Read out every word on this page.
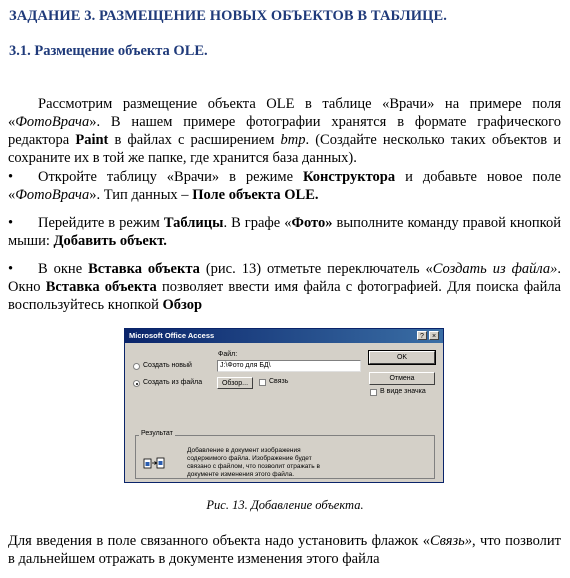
ЗАДАНИЕ 3. РАЗМЕЩЕНИЕ НОВЫХ ОБЪЕКТОВ В ТАБЛИЦЕ.
3.1. Размещение объекта OLE.
Рассмотрим размещение объекта OLE в таблице «Врачи» на примере поля «ФотоВрача». В нашем примере фотографии хранятся в формате графического редактора Paint в файлах с расширением bmp. (Создайте несколько таких объектов и сохраните их в той же папке, где хранится база данных).
• Откройте таблицу «Врачи» в режиме Конструктора и добавьте новое поле «ФотоВрача». Тип данных – Поле объекта OLE.
• Перейдите в режим Таблицы. В графе «Фото» выполните команду правой кнопкой мыши: Добавить объект.
• В окне Вставка объекта (рис. 13) отметьте переключатель «Создать из файла». Окно Вставка объекта позволяет ввести имя файла с фотографией. Для поиска файла воспользуйтесь кнопкой Обзор
Microsoft Office Access	?	×
Создать новый
Создать из файла
Файл:
J:\Фото для БД\
Обзор...	Связь
OK
Отмена
В виде значка
Результат
Добавление в документ изображения содержимого файла. Изображение будет связано с файлом, что позволит отражать в документе изменения этого файла.
Рис. 13. Добавление объекта.
Для введения в поле связанного объекта надо установить флажок «Связь», что позволит в дальнейшем отражать в документе изменения этого файла
